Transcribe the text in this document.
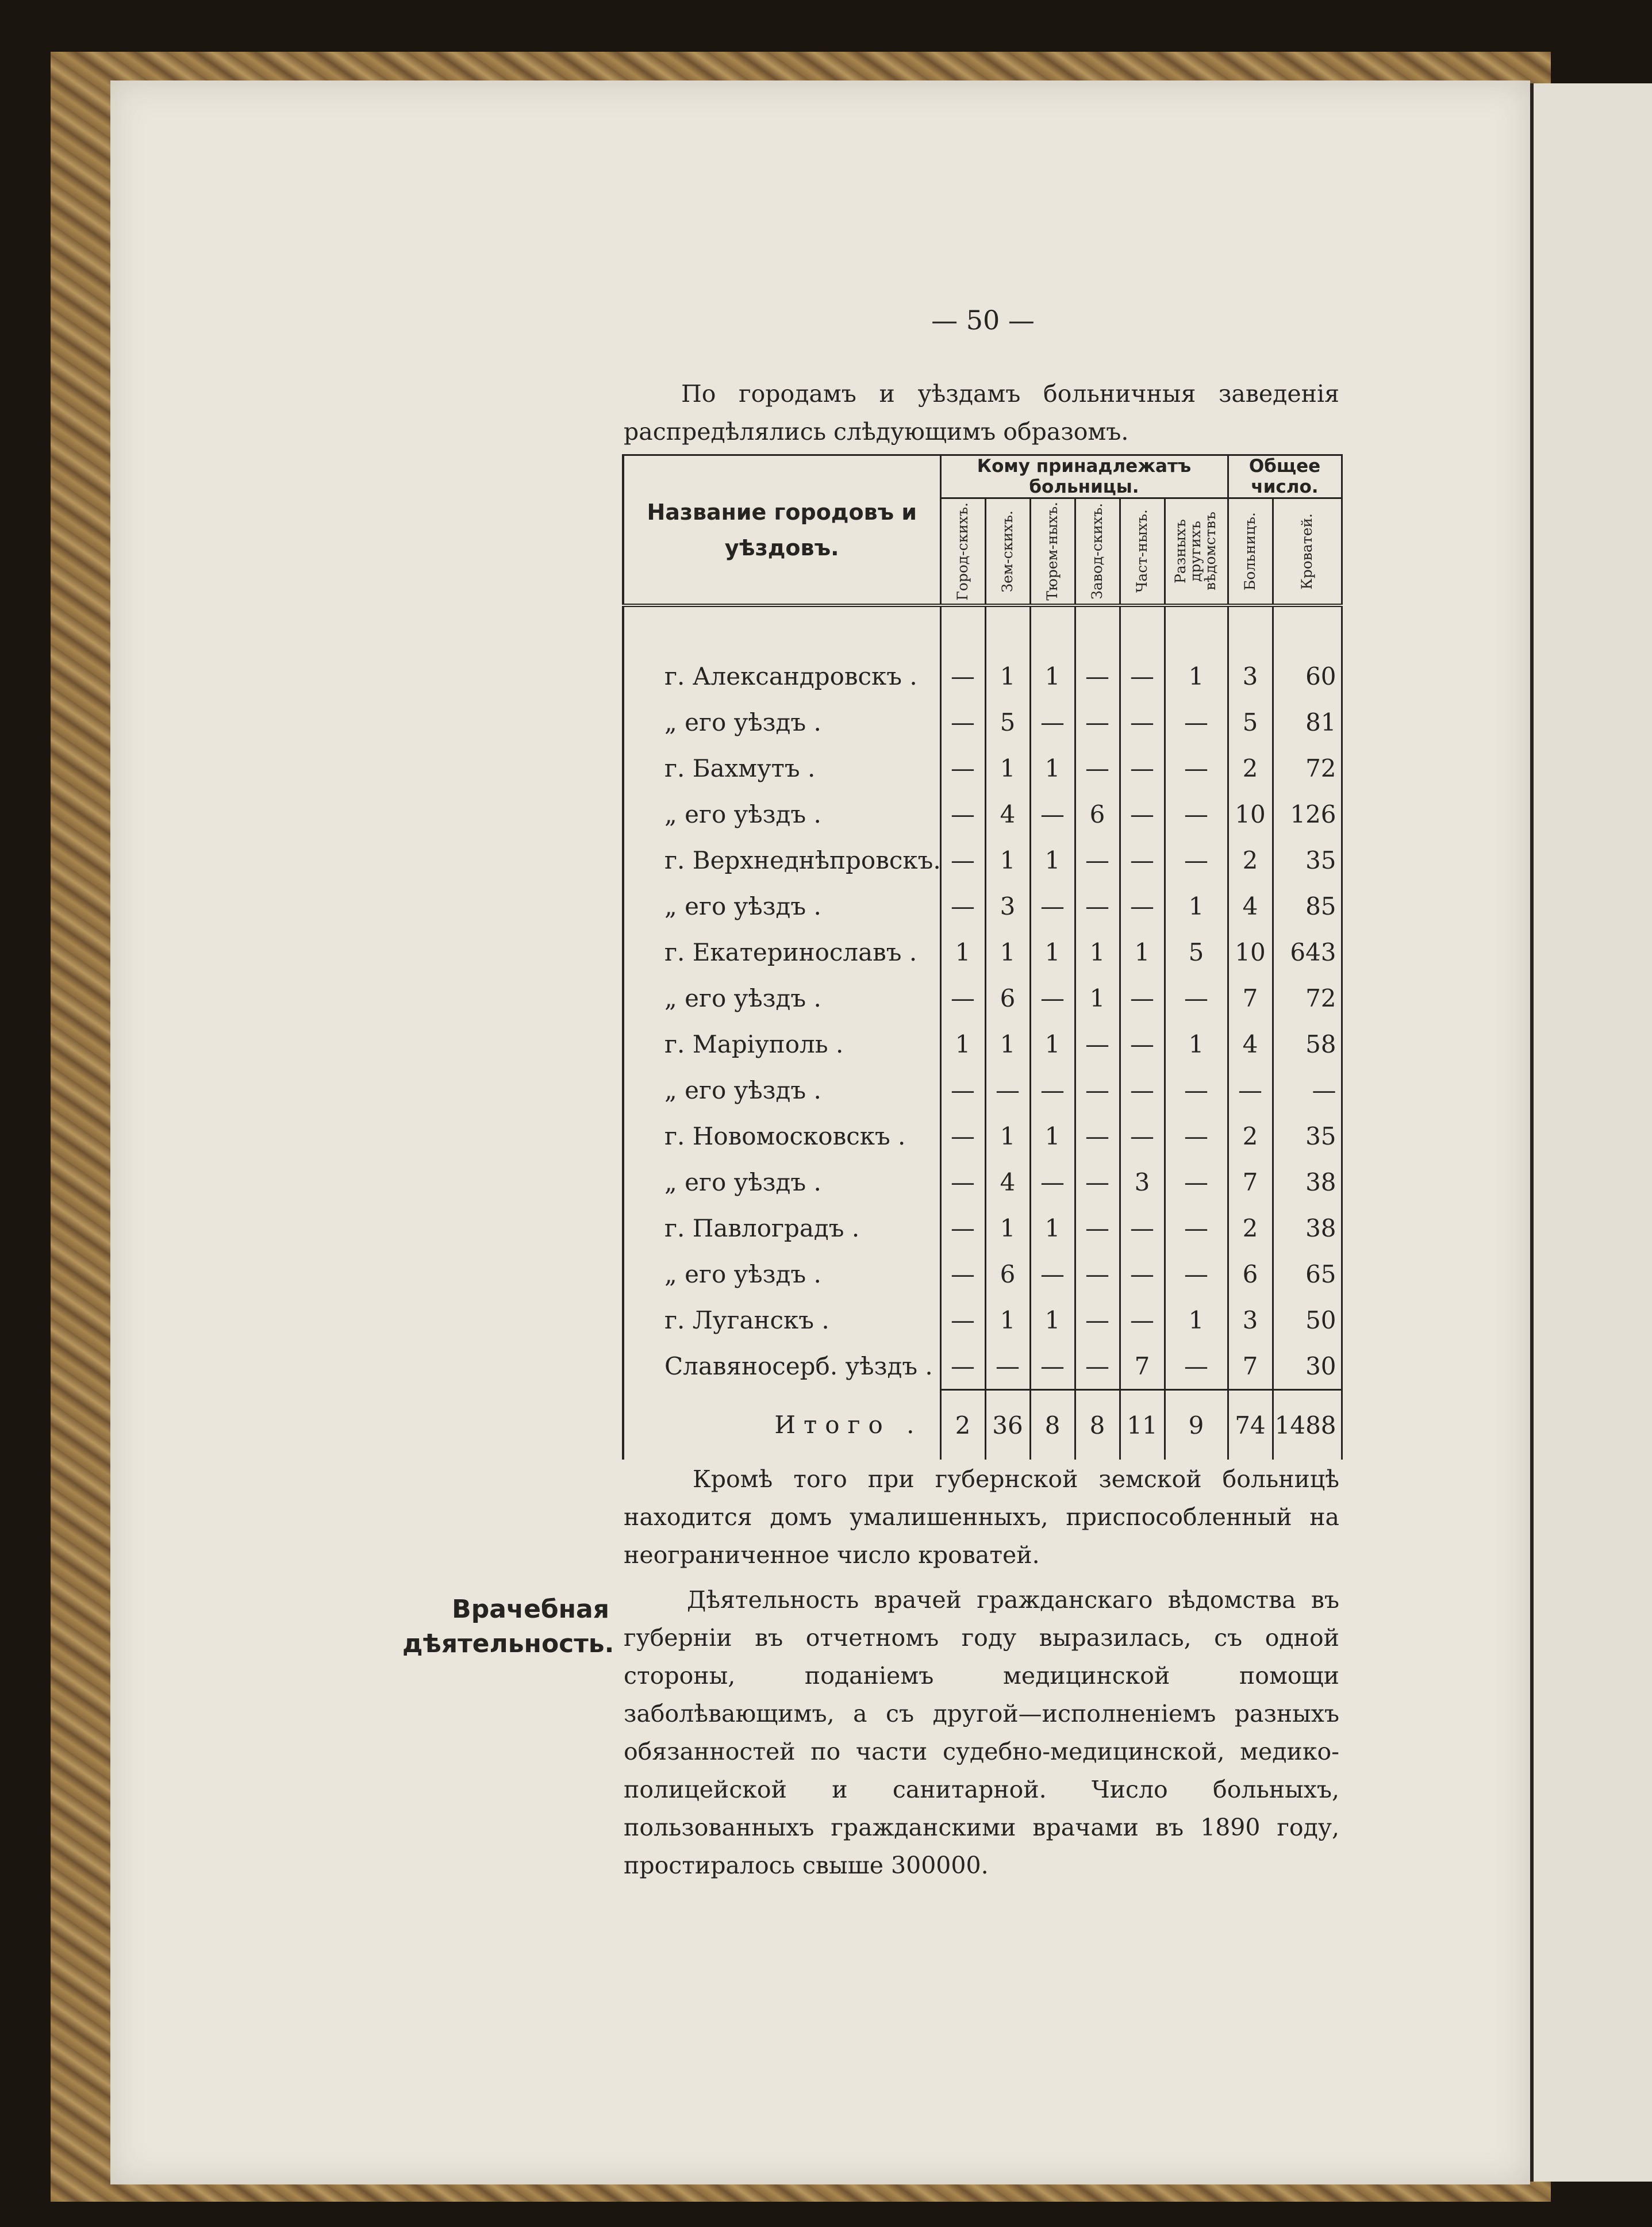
— 50 —
По городамъ и уѣздамъ больничныя заведенія распредѣлялись слѣдующимъ образомъ.
Название городовъ и уѣздовъ.	Кому принадлежатъ больницы.						Общее число.	

	Город-скихъ.	Зем-скихъ.	Тюрем-ныхъ.	Завод-скихъ.	Част-ныхъ.	Разныхъ другихъ вѣдомствъ	Больницъ.	Кроватей.

г. Александровскъ .	—	1	1	—	—	1	3	60
„ его уѣздъ .	—	5	—	—	—	—	5	81
г. Бахмутъ .	—	1	1	—	—	—	2	72
„ его уѣздъ .	—	4	—	6	—	—	10	126
г. Верхнеднѣпровскъ.	—	1	1	—	—	—	2	35
„ его уѣздъ .	—	3	—	—	—	1	4	85
г. Екатеринославъ .	1	1	1	1	1	5	10	643
„ его уѣздъ .	—	6	—	1	—	—	7	72
г. Маріуполь .	1	1	1	—	—	1	4	58
„ его уѣздъ .	—	—	—	—	—	—	—	—
г. Новомосковскъ .	—	1	1	—	—	—	2	35
„ его уѣздъ .	—	4	—	—	3	—	7	38
г. Павлоградъ .	—	1	1	—	—	—	2	38
„ его уѣздъ .	—	6	—	—	—	—	6	65
г. Лугансκъ .	—	1	1	—	—	1	3	50
Славяносерб. уѣздъ .	—	—	—	—	7	—	7	30
Итого .	2	36	8	8	11	9	74	1488
Врачебная дѣятельность.
Кромѣ того при губернской земской больницѣ находится домъ умалишенныхъ, приспособленный на неограниченное число кроватей.
Дѣятельность врачей гражданскаго вѣдомства въ губерніи въ отчетномъ году выразилась, съ одной стороны, поданіемъ медицинской помощи заболѣвающимъ, а съ другой—исполненіемъ разныхъ обязанностей по части судебно-медицинской, медико-полицейской и санитарной. Число больныхъ, пользованныхъ гражданскими врачами въ 1890 году, простиралось свыше 300000.
